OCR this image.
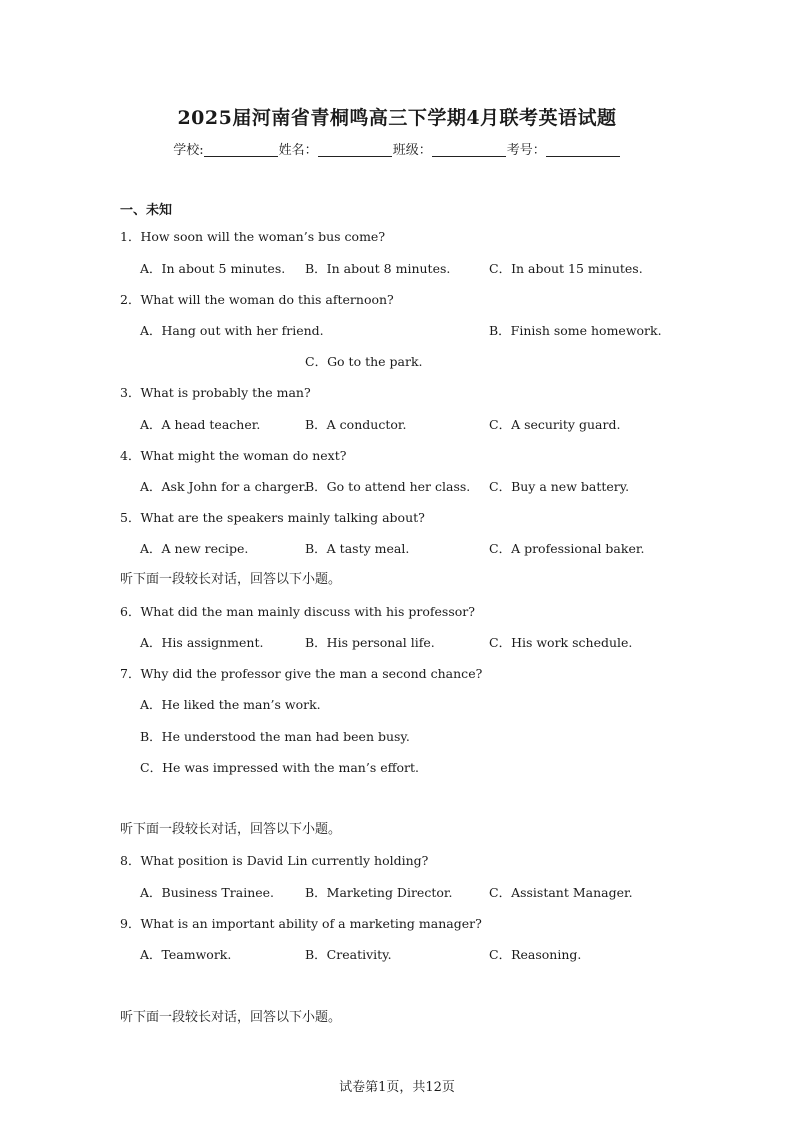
2025届河南省青桐鸣高三下学期4月联考英语试题
学校:	姓名：	班级：	考号：
一、未知
1．How soon will the woman’s bus come?
A．In about 5 minutes. B．In about 8 minutes.	C．In about 15 minutes.
2．What will the woman do this afternoon?
A．Hang out with her friend.	B．Finish some homework.
C．Go to the park.
3．What is probably the man?
A．A head teacher.	B．A conductor.	C．A security guard.
4．What might the woman do next?
A．Ask John for a charger.
B．Go to attend her class. C．Buy a new battery.
5．What are the speakers mainly talking about?
A．A new recipe.	B．A tasty meal.	C．A professional baker.
听下面一段较长对话，回答以下小题。
6．What did the man mainly discuss with his professor?
A．His assignment.	B．His personal life.	C．His work schedule.
7．Why did the professor give the man a second chance?
A．He liked the man’s work.
B．He understood the man had been busy.
C．He was impressed with the man’s effort.
听下面一段较长对话，回答以下小题。
8．What position is David Lin currently holding?
A．Business Trainee. B．Marketing Director.	C．Assistant Manager.
9．What is an important ability of a marketing manager?
A．Teamwork.	B．Creativity.	C．Reasoning.
听下面一段较长对话，回答以下小题。
试卷第1页，共12页
